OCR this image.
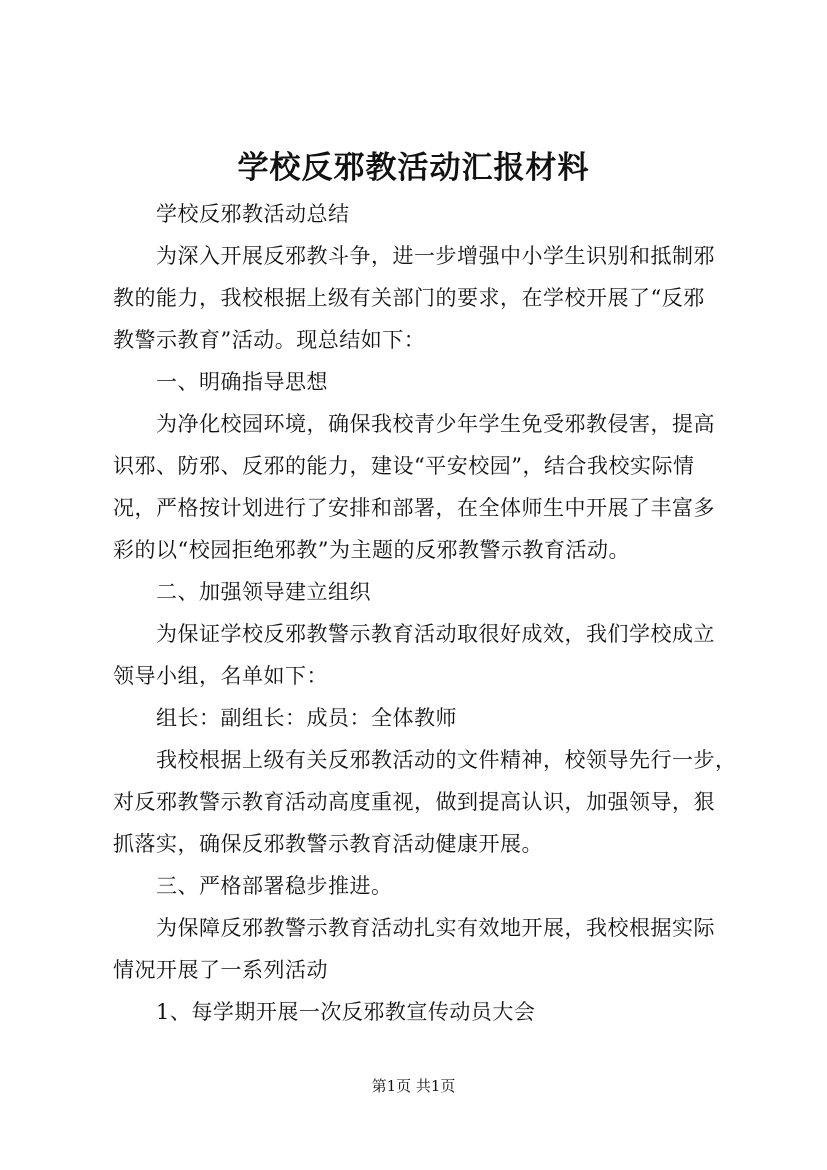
学校反邪教活动汇报材料
学校反邪教活动总结
为深入开展反邪教斗争，进一步增强中小学生识别和抵制邪
教的能力，我校根据上级有关部门的要求，在学校开展了“反邪
教警示教育”活动。现总结如下：
一、明确指导思想
为净化校园环境，确保我校青少年学生免受邪教侵害，提高
识邪、防邪、反邪的能力，建设“平安校园”，结合我校实际情
况，严格按计划进行了安排和部署，在全体师生中开展了丰富多
彩的以“校园拒绝邪教”为主题的反邪教警示教育活动。
二、加强领导建立组织
为保证学校反邪教警示教育活动取很好成效，我们学校成立
领导小组，名单如下：
组长：副组长：成员：全体教师
我校根据上级有关反邪教活动的文件精神，校领导先行一步，
对反邪教警示教育活动高度重视，做到提高认识，加强领导，狠
抓落实，确保反邪教警示教育活动健康开展。
三、严格部署稳步推进。
为保障反邪教警示教育活动扎实有效地开展，我校根据实际
情况开展了一系列活动
1、每学期开展一次反邪教宣传动员大会
第1页 共1页
